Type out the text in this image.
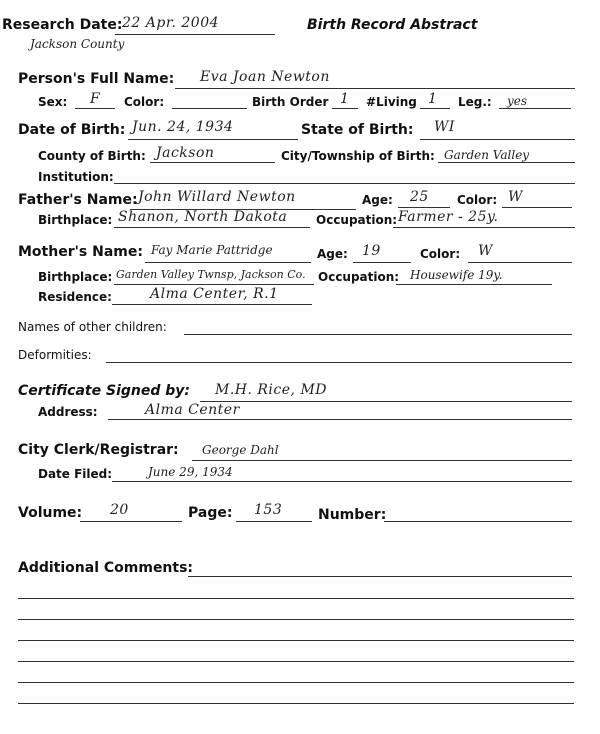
Research Date: 22 Apr. 2004	Birth Record Abstract
Jackson County
Person's Full Name: Eva Joan Newton
Sex: F Color:	Birth Order 1 #Living 1 Leg.: yes
Date of Birth: Jun. 24, 1934	State of Birth: WI
County of Birth: Jackson	City/Township of Birth: Garden Valley
Institution:
Father's Name: John Willard Newton	Age: 25 Color: W
Birthplace: Shanon, North Dakota Occupation: Farmer - 25y.
Mother's Name: Fay Marie Pattridge	Age: 19	Color: W
Birthplace: Garden Valley Twnsp, Jackson Co. Occupation: Housewife 19y.
Residence:	Alma Center, R.1
Names of other children:
Deformities:
Certificate Signed by: M.H. Rice, MD
Address:	Alma Center
City Clerk/Registrar: George Dahl
Date Filed:	June 29, 1934
Volume: 20	Page: 153	Number:
Additional Comments:
